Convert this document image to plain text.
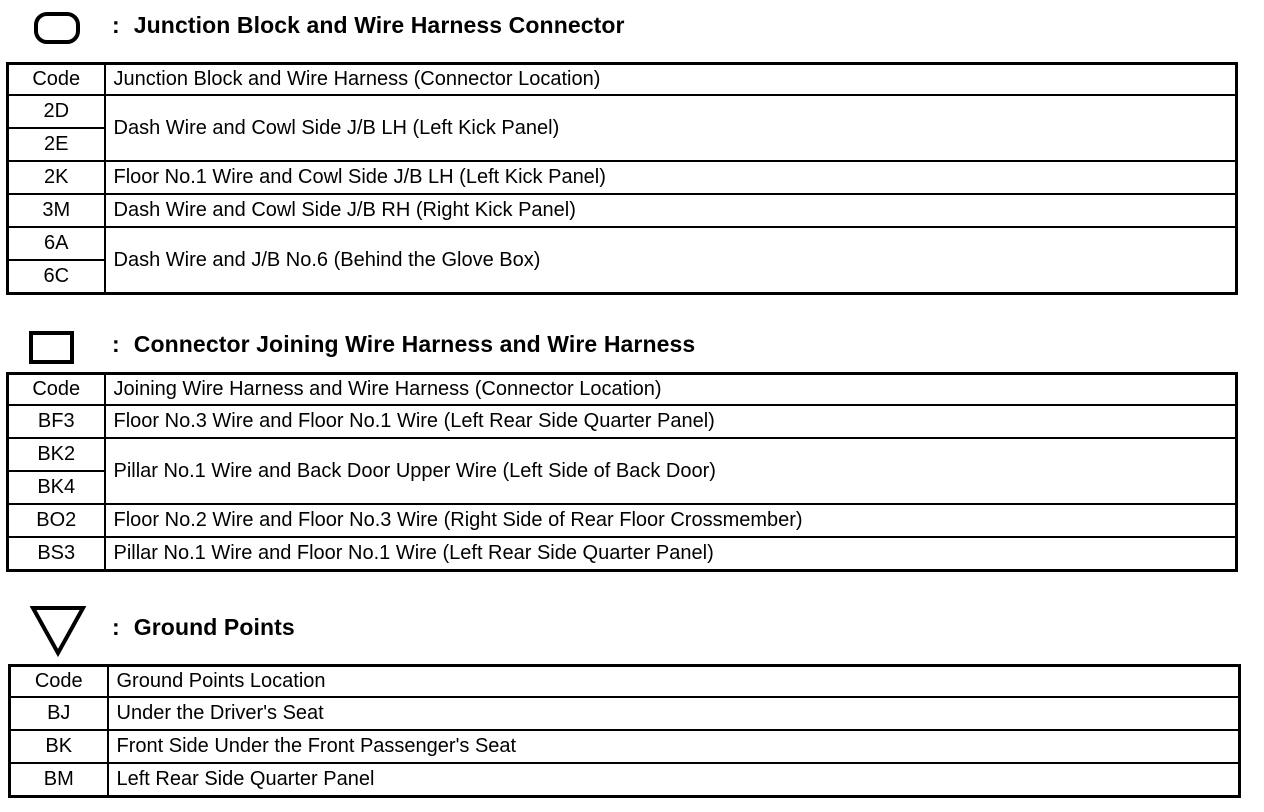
: Junction Block and Wire Harness Connector
Code	Junction Block and Wire Harness (Connector Location)
2D	Dash Wire and Cowl Side J/B LH (Left Kick Panel)
2E	
2K	Floor No.1 Wire and Cowl Side J/B LH (Left Kick Panel)
3M	Dash Wire and Cowl Side J/B RH (Right Kick Panel)
6A	Dash Wire and J/B No.6 (Behind the Glove Box)
6C	
: Connector Joining Wire Harness and Wire Harness
Code	Joining Wire Harness and Wire Harness (Connector Location)
BF3	Floor No.3 Wire and Floor No.1 Wire (Left Rear Side Quarter Panel)
BK2	Pillar No.1 Wire and Back Door Upper Wire (Left Side of Back Door)
BK4	
BO2	Floor No.2 Wire and Floor No.3 Wire (Right Side of Rear Floor Crossmember)
BS3	Pillar No.1 Wire and Floor No.1 Wire (Left Rear Side Quarter Panel)
: Ground Points
Code	Ground Points Location
BJ	Under the Driver's Seat
BK	Front Side Under the Front Passenger's Seat
BM	Left Rear Side Quarter Panel
